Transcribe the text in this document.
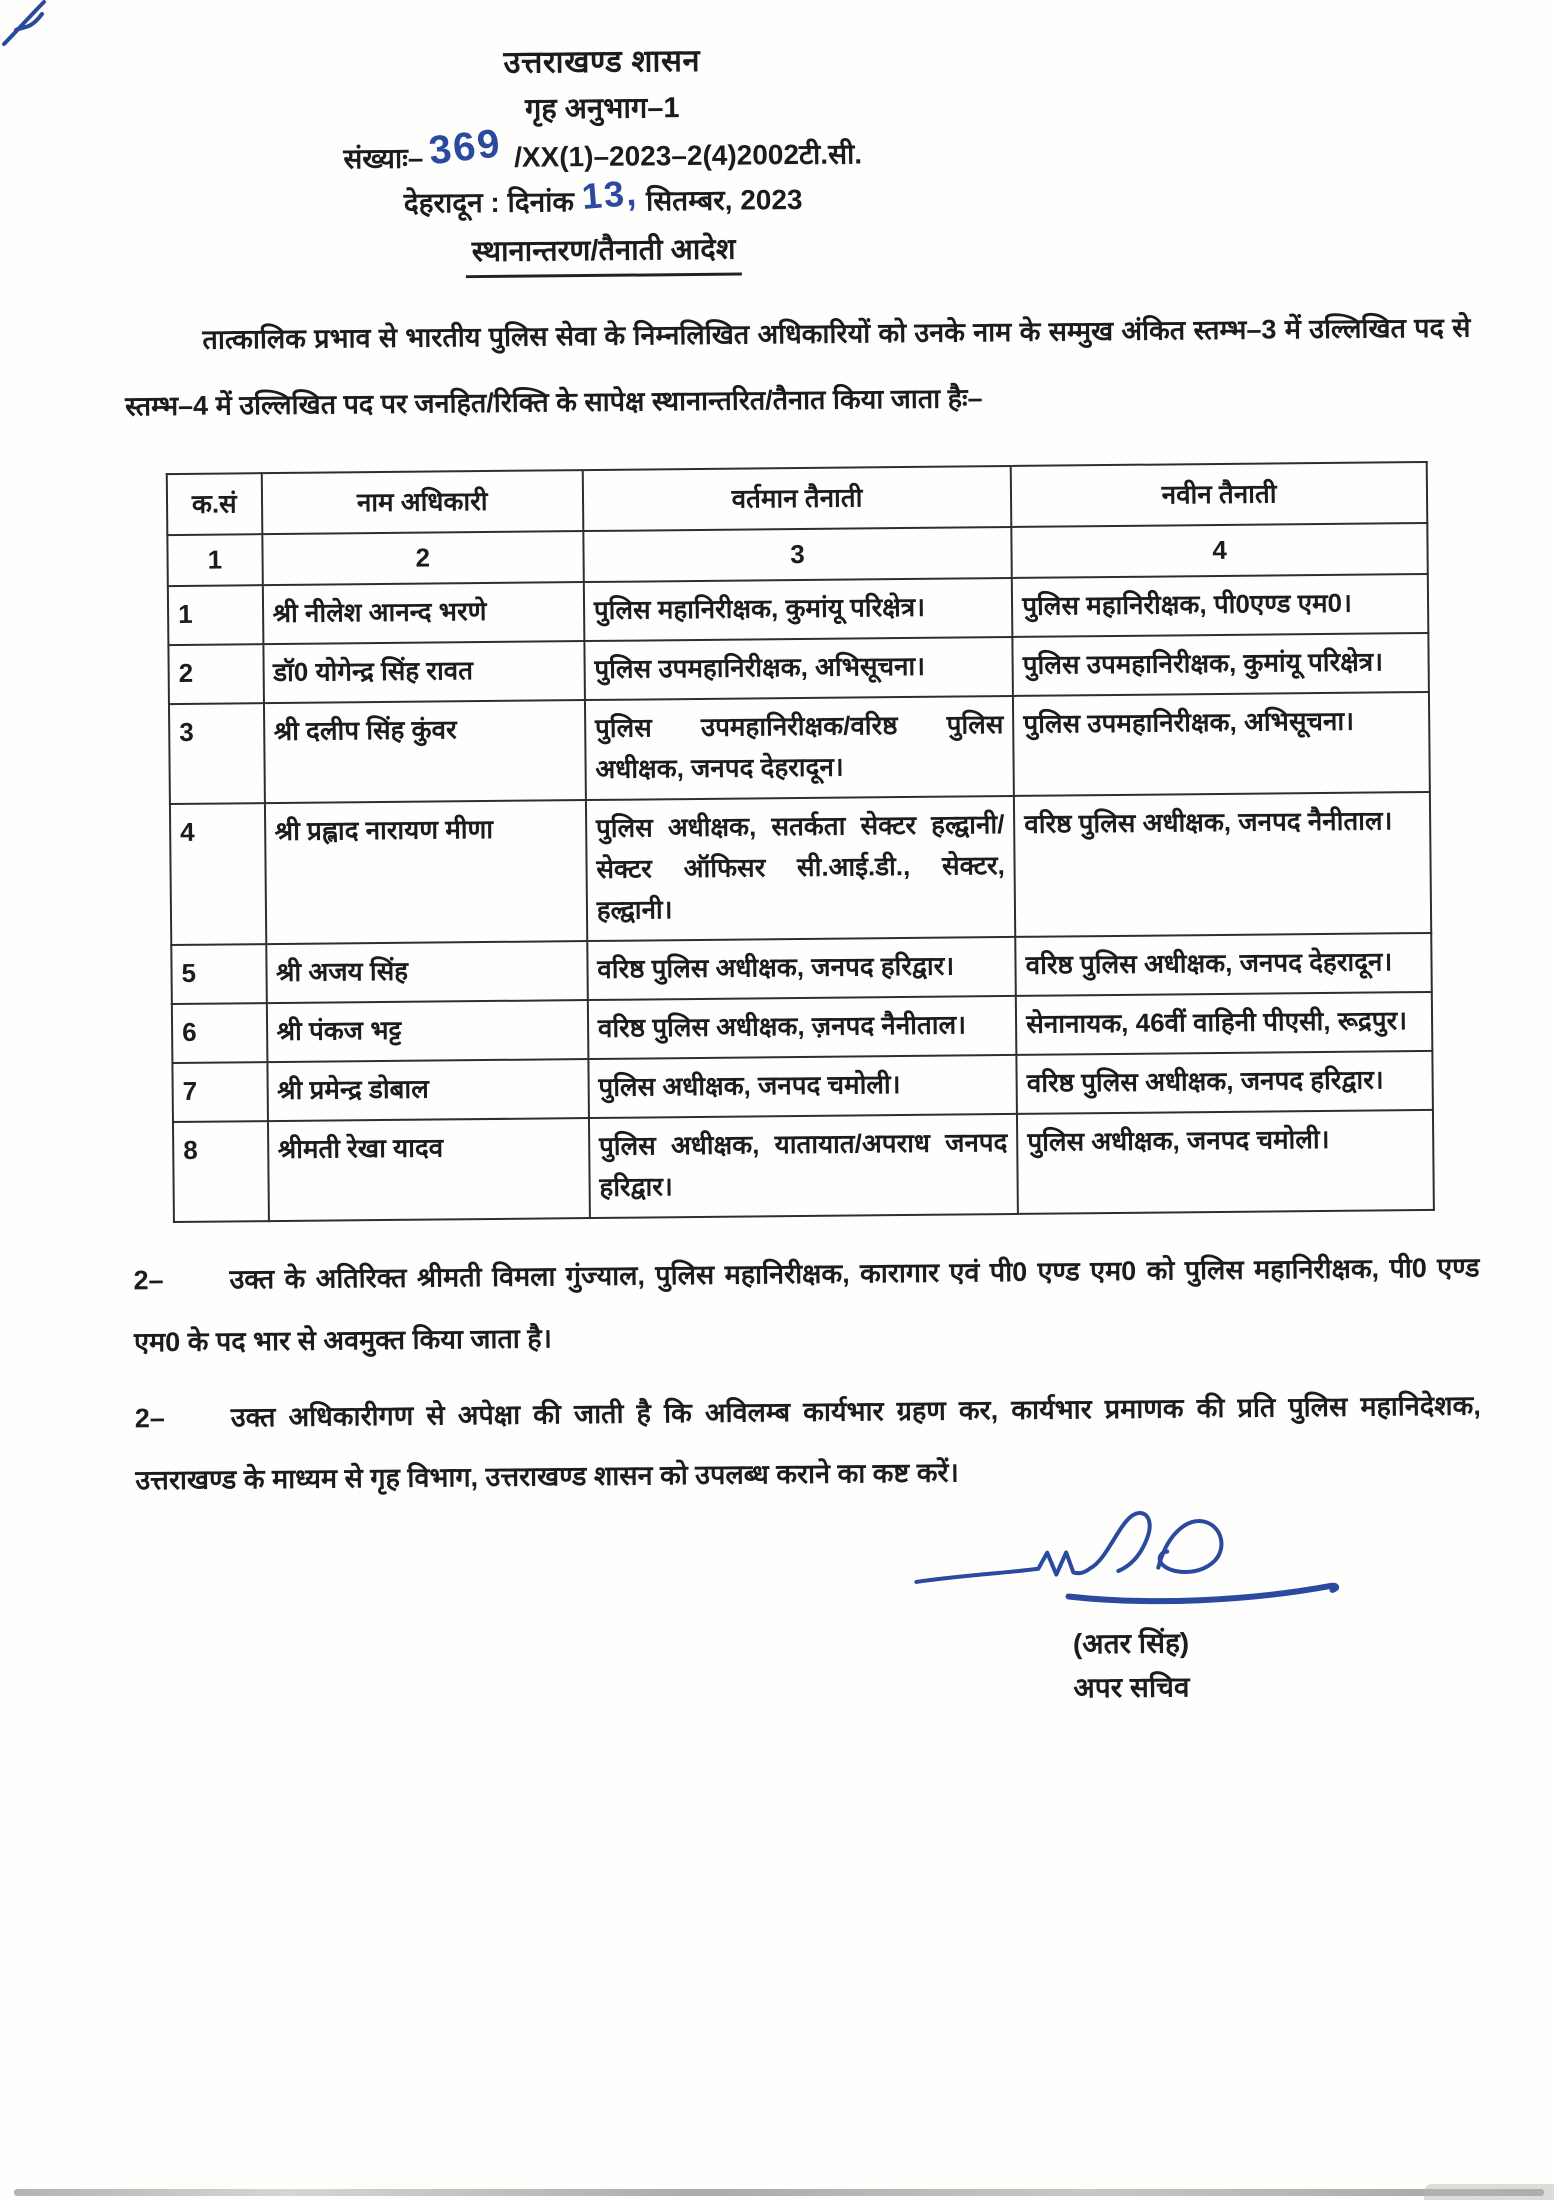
उत्तराखण्ड शासन
गृह अनुभाग–1
संख्याः–369 /XX(1)–2023–2(4)2002टी.सी.
देहरादून : दिनांक 13, सितम्बर, 2023
स्थानान्तरण/तैनाती आदेश

तात्कालिक प्रभाव से भारतीय पुलिस सेवा के निम्नलिखित अधिकारियों को उनके नाम के सम्मुख अंकित स्तम्भ–3 में उल्लिखित पद से स्तम्भ–4 में उल्लिखित पद पर जनहित/रिक्ति के सापेक्ष स्थानान्तरित/तैनात किया जाता हैः–

क.सं	नाम अधिकारी	वर्तमान तैनाती	नवीन तैनाती
1	2	3	4
1	श्री नीलेश आनन्द भरणे	पुलिस महानिरीक्षक, कुमांयू परिक्षेत्र।	पुलिस महानिरीक्षक, पी0एण्ड एम0।
2	डॉ0 योगेन्द्र सिंह रावत	पुलिस उपमहानिरीक्षक, अभिसूचना।	पुलिस उपमहानिरीक्षक, कुमांयू परिक्षेत्र।
3	श्री दलीप सिंह कुंवर	पुलिस उपमहानिरीक्षक/वरिष्ठ पुलिस अधीक्षक, जनपद देहरादून।	पुलिस उपमहानिरीक्षक, अभिसूचना।
4	श्री प्रह्लाद नारायण मीणा	पुलिस अधीक्षक, सतर्कता सेक्टर हल्द्वानी/सेक्टर ऑफिसर सी.आई.डी., सेक्टर, हल्द्वानी।	वरिष्ठ पुलिस अधीक्षक, जनपद नैनीताल।
5	श्री अजय सिंह	वरिष्ठ पुलिस अधीक्षक, जनपद हरिद्वार।	वरिष्ठ पुलिस अधीक्षक, जनपद देहरादून।
6	श्री पंकज भट्ट	वरिष्ठ पुलिस अधीक्षक, ज़नपद नैनीताल।	सेनानायक, 46वीं वाहिनी पीएसी, रूद्रपुर।
7	श्री प्रमेन्द्र डोबाल	पुलिस अधीक्षक, जनपद चमोली।	वरिष्ठ पुलिस अधीक्षक, जनपद हरिद्वार।
8	श्रीमती रेखा यादव	पुलिस अधीक्षक, यातायात/अपराध जनपद हरिद्वार।	पुलिस अधीक्षक, जनपद चमोली।

2– उक्त के अतिरिक्त श्रीमती विमला गुंज्याल, पुलिस महानिरीक्षक, कारागार एवं पी0 एण्ड एम0 को पुलिस महानिरीक्षक, पी0 एण्ड एम0 के पद भार से अवमुक्त किया जाता है।

2– उक्त अधिकारीगण से अपेक्षा की जाती है कि अविलम्ब कार्यभार ग्रहण कर, कार्यभार प्रमाणक की प्रति पुलिस महानिदेशक, उत्तराखण्ड के माध्यम से गृह विभाग, उत्तराखण्ड शासन को उपलब्ध कराने का कष्ट करें।

(अतर सिंह)
अपर सचिव
